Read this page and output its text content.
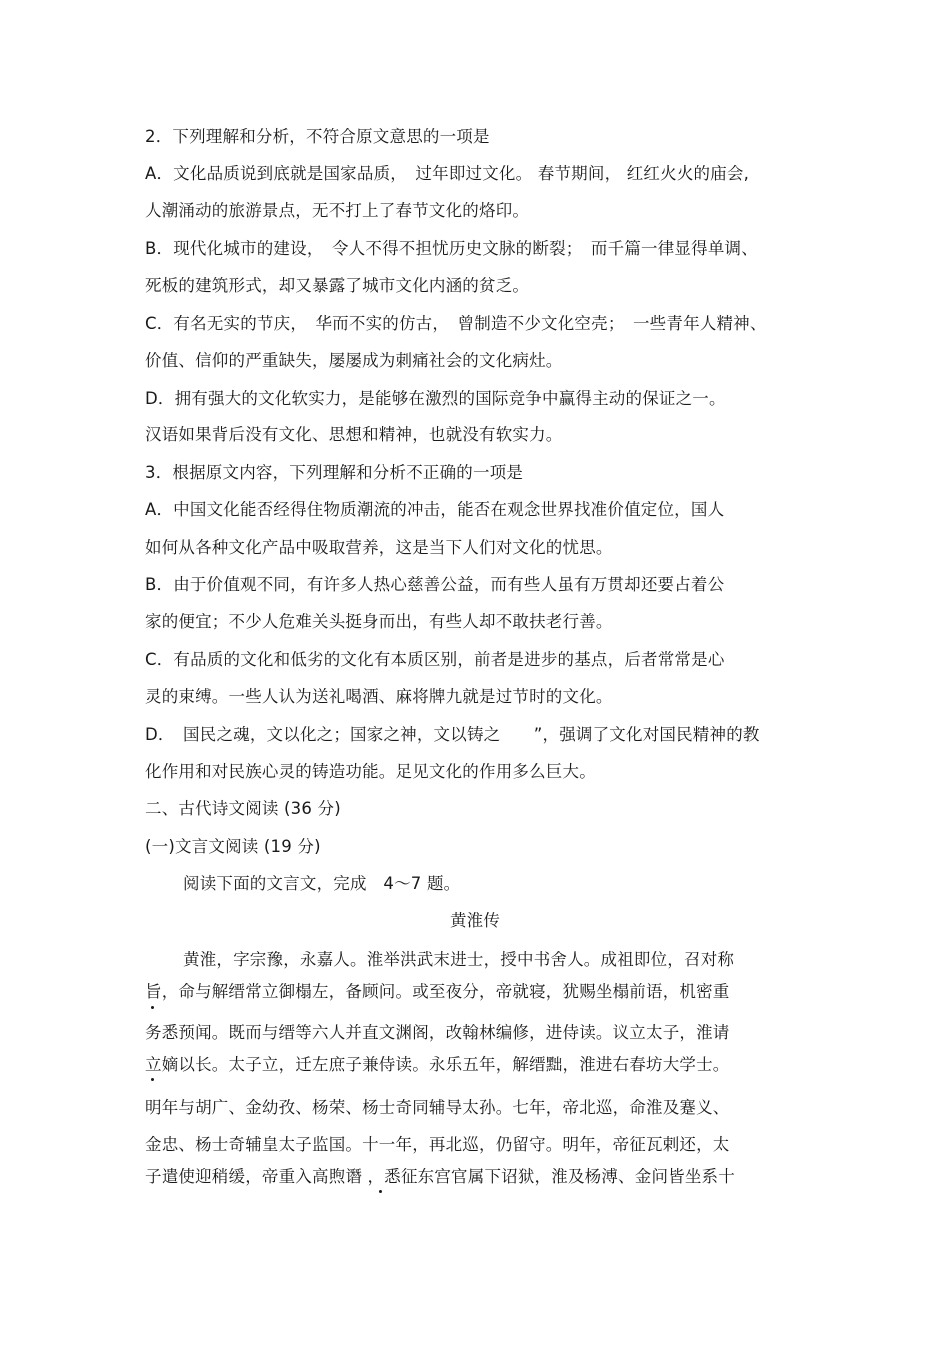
2．下列理解和分析，不符合原文意思的一项是
A．文化品质说到底就是国家品质，　过年即过文化。 春节期间， 红红火火的庙会,
人潮涌动的旅游景点，无不打上了春节文化的烙印。
B．现代化城市的建设，　令人不得不担忧历史文脉的断裂；　而千篇一律显得单调、
死板的建筑形式，却又暴露了城市文化内涵的贫乏。
C．有名无实的节庆，　华而不实的仿古，　曾制造不少文化空壳；　一些青年人精神、
价值、信仰的严重缺失，屡屡成为刺痛社会的文化病灶。
D．拥有强大的文化软实力，是能够在激烈的国际竞争中赢得主动的保证之一。
汉语如果背后没有文化、思想和精神，也就没有软实力。
3．根据原文内容，下列理解和分析不正确的一项是
A．中国文化能否经得住物质潮流的冲击，能否在观念世界找准价值定位，国人
如何从各种文化产品中吸取营养，这是当下人们对文化的忧思。
B．由于价值观不同，有许多人热心慈善公益，而有些人虽有万贯却还要占着公
家的便宜；不少人危难关头挺身而出，有些人却不敢扶老行善。
C．有品质的文化和低劣的文化有本质区别，前者是进步的基点，后者常常是心
灵的束缚。一些人认为送礼喝酒、麻将牌九就是过节时的文化。
D．　国民之魂，文以化之；国家之神，文以铸之　　”，强调了文化对国民精神的教
化作用和对民族心灵的铸造功能。足见文化的作用多么巨大。
二、古代诗文阅读 (36 分)
(一)文言文阅读 (19 分)
阅读下面的文言文，完成　4～7 题。
黄淮传
黄淮，字宗豫，永嘉人。淮举洪武末进士，授中书舍人。成祖即位，召对称
旨，命与解缙常立御榻左，备顾问。或至夜分，帝就寝，犹赐坐榻前语，机密重
务悉预闻。既而与缙等六人并直文渊阁，改翰林编修，进侍读。议立太子，淮请
立嫡以长。太子立，迁左庶子兼侍读。永乐五年，解缙黜，淮进右春坊大学士。
明年与胡广、金幼孜、杨荣、杨士奇同辅导太孙。七年，帝北巡，命淮及蹇义、
金忠、杨士奇辅皇太子监国。十一年，再北巡，仍留守。明年，帝征瓦剌还，太
子遣使迎稍缓，帝重入高煦谮 ，悉征东宫官属下诏狱，淮及杨溥、金问皆坐系十
